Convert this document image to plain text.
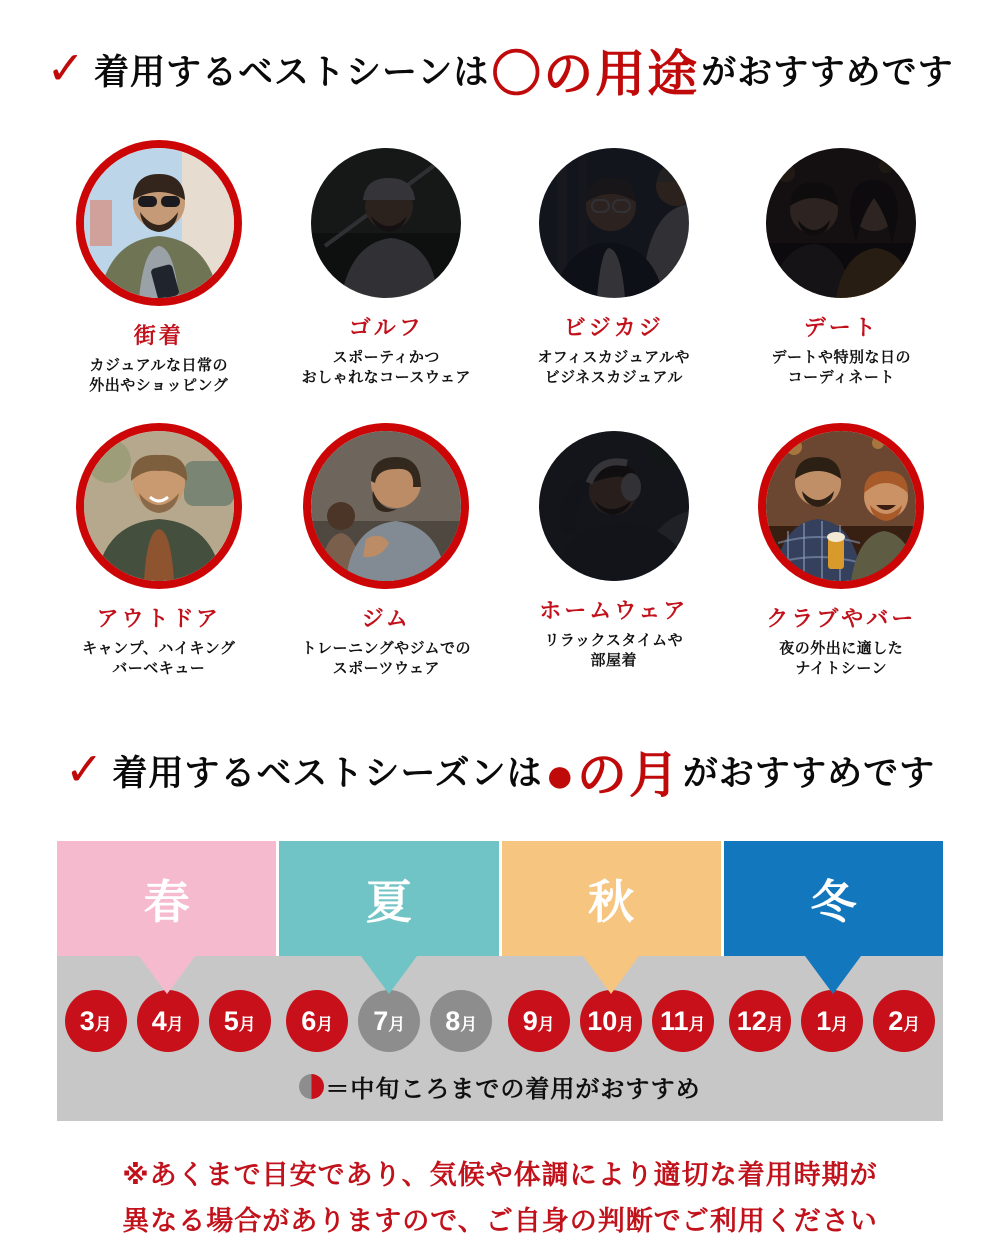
✓ 着用するベストシーンは 〇の用途 がおすすめです
街着
カジュアルな日常の
外出やショッピング
ゴルフ
スポーティかつ
おしゃれなコースウェア
ビジカジ
オフィスカジュアルや
ビジネスカジュアル
デート
デートや特別な日の
コーディネート
アウトドア
キャンプ、ハイキング
バーベキュー
ジム
トレーニングやジムでの
スポーツウェア
ホームウェア
リラックスタイムや
部屋着
クラブやバー
夜の外出に適した
ナイトシーン
✓ 着用するベストシーズンは ●の月 がおすすめです
春	夏	秋	冬
3 月 4 月 5 月 6 月 7 月 8 月 9 月 10 月 11 月 12 月 1 月 2 月
＝中旬ころまでの着用がおすすめ
※あくまで目安であり、気候や体調により適切な着用時期が
異なる場合がありますので、ご自身の判断でご利用ください
